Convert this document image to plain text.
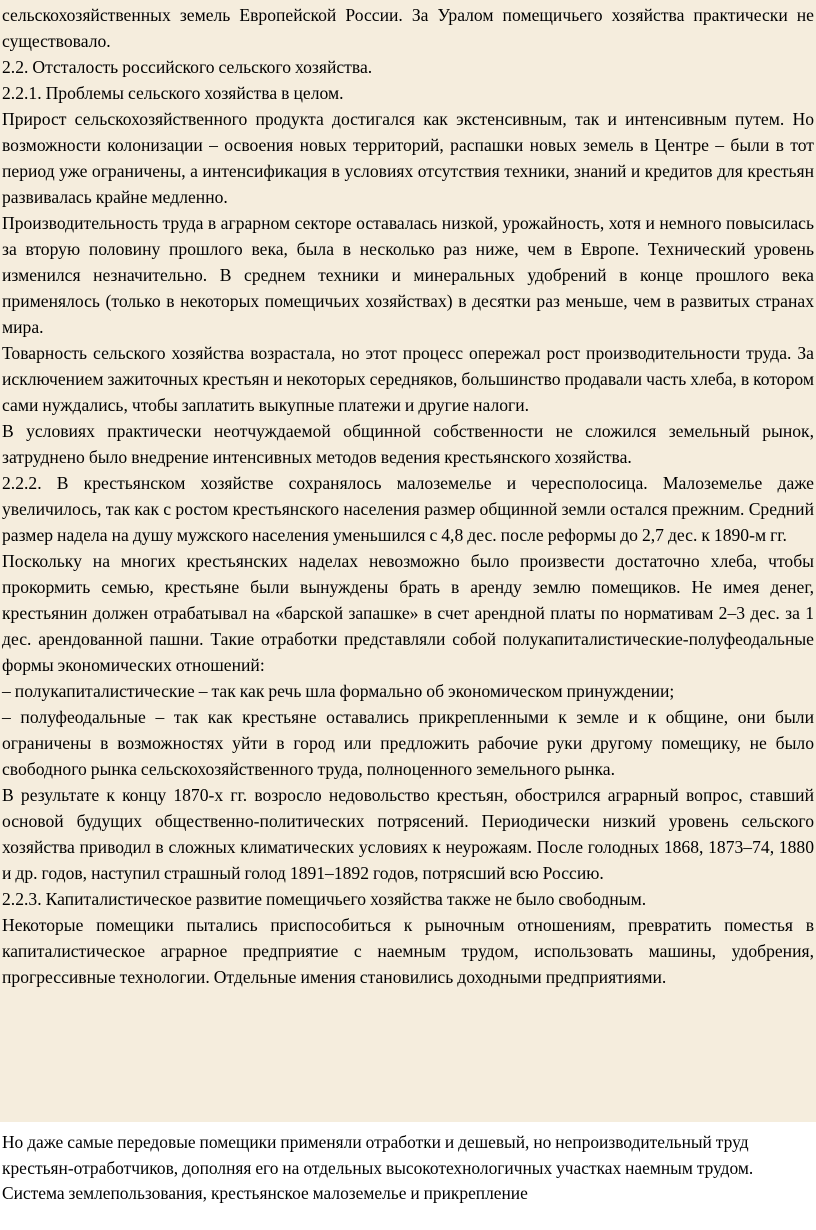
сельскохозяйственных земель Европейской России. За Уралом помещичьего хозяйства практически не существовало.

2.2. Отсталость российского сельского хозяйства.

2.2.1. Проблемы сельского хозяйства в целом.

Прирост сельскохозяйственного продукта достигался как экстенсивным, так и интенсивным путем. Но возможности колонизации – освоения новых территорий, распашки новых земель в Центре – были в тот период уже ограничены, а интенсификация в условиях отсутствия техники, знаний и кредитов для крестьян развивалась крайне медленно.

Производительность труда в аграрном секторе оставалась низкой, урожайность, хотя и немного повысилась за вторую половину прошлого века, была в несколько раз ниже, чем в Европе. Технический уровень изменился незначительно. В среднем техники и минеральных удобрений в конце прошлого века применялось (только в некоторых помещичьих хозяйствах) в десятки раз меньше, чем в развитых странах мира.

Товарность сельского хозяйства возрастала, но этот процесс опережал рост производительности труда. За исключением зажиточных крестьян и некоторых середняков, большинство продавали часть хлеба, в котором сами нуждались, чтобы заплатить выкупные платежи и другие налоги.

В условиях практически неотчуждаемой общинной собственности не сложился земельный рынок, затруднено было внедрение интенсивных методов ведения крестьянского хозяйства.

2.2.2. В крестьянском хозяйстве сохранялось малоземелье и чересполосица. Малоземелье даже увеличилось, так как с ростом крестьянского населения размер общинной земли остался прежним. Средний размер надела на душу мужского населения уменьшился с 4,8 дес. после реформы до 2,7 дес. к 1890-м гг.

Поскольку на многих крестьянских наделах невозможно было произвести достаточно хлеба, чтобы прокормить семью, крестьяне были вынуждены брать в аренду землю помещиков. Не имея денег, крестьянин должен отрабатывал на «барской запашке» в счет арендной платы по нормативам 2–3 дес. за 1 дес. арендованной пашни. Такие отработки представляли собой полукапиталистические-полуфеодальные формы экономических отношений:

– полукапиталистические – так как речь шла формально об экономическом принуждении;

– полуфеодальные – так как крестьяне оставались прикрепленными к земле и к общине, они были ограничены в возможностях уйти в город или предложить рабочие руки другому помещику, не было свободного рынка сельскохозяйственного труда, полноценного земельного рынка.

В результате к концу 1870-х гг. возросло недовольство крестьян, обострился аграрный вопрос, ставший основой будущих общественно-политических потрясений. Периодически низкий уровень сельского хозяйства приводил в сложных климатических условиях к неурожаям. После голодных 1868, 1873–74, 1880 и др. годов, наступил страшный голод 1891–1892 годов, потрясший всю Россию.

2.2.3. Капиталистическое развитие помещичьего хозяйства также не было свободным.

Некоторые помещики пытались приспособиться к рыночным отношениям, превратить поместья в капиталистическое аграрное предприятие с наемным трудом, использовать машины, удобрения, прогрессивные технологии. Отдельные имения становились доходными предприятиями.

Но даже самые передовые помещики применяли отработки и дешевый, но непроизводительный труд крестьян-отработчиков, дополняя его на отдельных высокотехнологичных участках наемным трудом. Система землепользования, крестьянское малоземелье и прикрепление
